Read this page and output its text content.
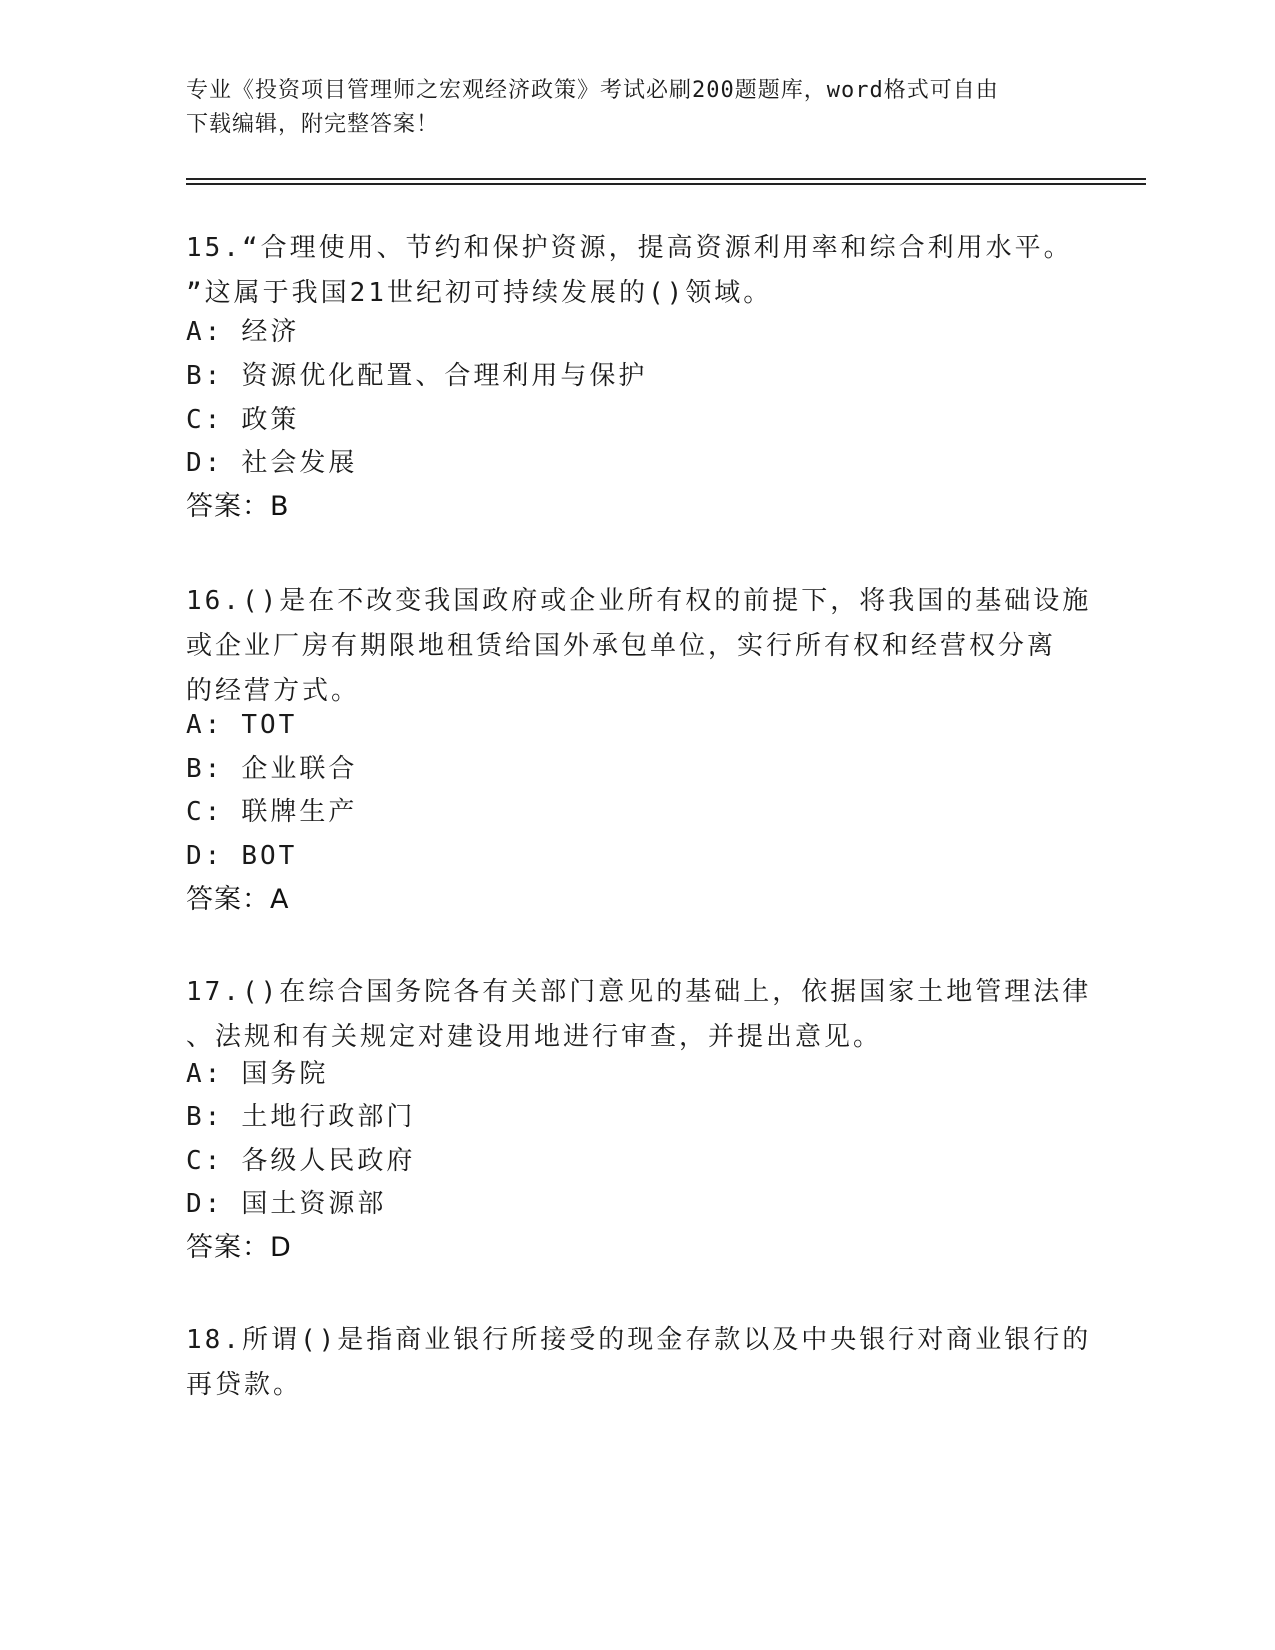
专业《投资项目管理师之宏观经济政策》考试必刷200题题库，word格式可自由
下载编辑，附完整答案！
15.“合理使用、节约和保护资源，提高资源利用率和综合利用水平。
”这属于我国21世纪初可持续发展的()领域。
A: 经济
B: 资源优化配置、合理利用与保护
C: 政策
D: 社会发展
答案：B
16.()是在不改变我国政府或企业所有权的前提下，将我国的基础设施
或企业厂房有期限地租赁给国外承包单位，实行所有权和经营权分离
的经营方式。
A: TOT
B: 企业联合
C: 联牌生产
D: BOT
答案：A
17.()在综合国务院各有关部门意见的基础上，依据国家土地管理法律
、法规和有关规定对建设用地进行审查，并提出意见。
A: 国务院
B: 土地行政部门
C: 各级人民政府
D: 国土资源部
答案：D
18.所谓()是指商业银行所接受的现金存款以及中央银行对商业银行的
再贷款。
